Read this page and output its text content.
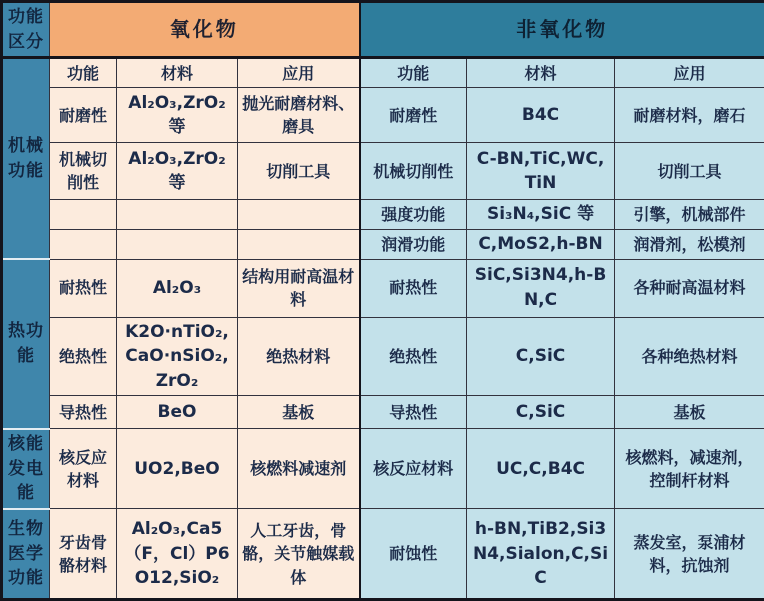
功能区分	氧化物			非氧化物		
机械功能	功能	材料	应用	功能	材料	应用
	耐磨性	Al₂O₃,ZrO₂等	抛光耐磨材料、磨具	耐磨性	B4C	耐磨材料，磨石
	机械切削性	Al₂O₃,ZrO₂等	切削工具	机械切削性	C-BN,TiC,WC,TiN	切削工具
				强度功能	Si₃N₄,SiC 等	引擎，机械部件
				润滑功能	C,MoS2,h-BN	润滑剂，松模剂
热功能	耐热性	Al₂O₃	结构用耐高温材料	耐热性	SiC,Si3N4,h-BN,C	各种耐高温材料
	绝热性	K2O·nTiO₂,CaO·nSiO₂,ZrO₂	绝热材料	绝热性	C,SiC	各种绝热材料
	导热性	BeO	基板	导热性	C,SiC	基板
核能发电能	核反应材料	UO2,BeO	核燃料减速剂	核反应材料	UC,C,B4C	核燃料，减速剂，控制杆材料
生物医学功能	牙齿骨骼材料	Al₂O₃,Ca5（F，Cl）P6O12,SiO₂	人工牙齿，骨骼，关节触媒载体	耐蚀性	h-BN,TiB2,Si3N4,Sialon,C,SiC	蒸发室，泵浦材料，抗蚀剂
